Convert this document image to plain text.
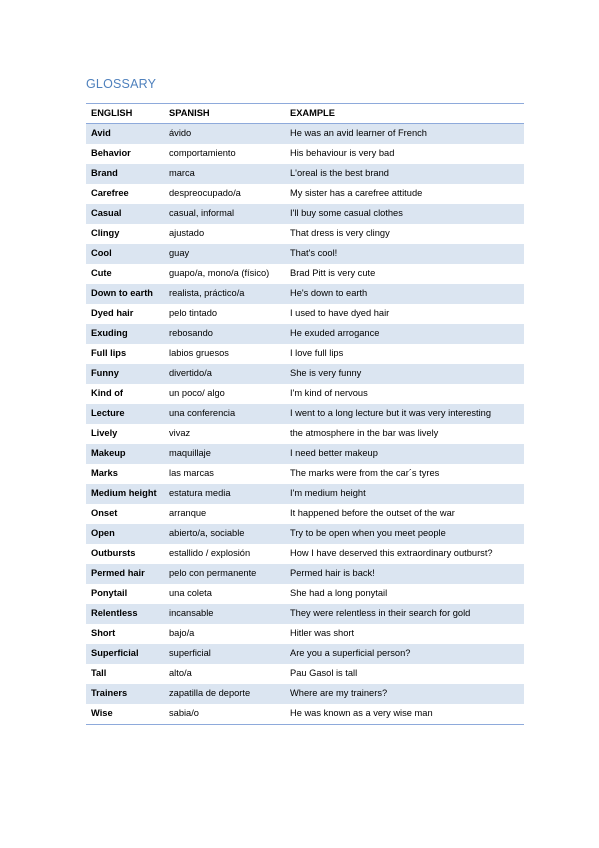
GLOSSARY
ENGLISH	SPANISH	EXAMPLE
Avid	ávido	He was an avid learner of French
Behavior	comportamiento	His behaviour is very bad
Brand	marca	L'oreal is the best brand
Carefree	despreocupado/a	My sister has a carefree attitude
Casual	casual, informal	I'll buy some casual clothes
Clingy	ajustado	That dress is very clingy
Cool	guay	That's cool!
Cute	guapo/a, mono/a (físico)	Brad Pitt is very cute
Down to earth	realista, práctico/a	He's down to earth
Dyed hair	pelo tintado	I used to have dyed hair
Exuding	rebosando	He exuded arrogance
Full lips	labios gruesos	I love full lips
Funny	divertido/a	She is very funny
Kind of	un poco/ algo	I'm kind of nervous
Lecture	una conferencia	I went to a long lecture but it was very interesting
Lively	vivaz	the atmosphere in the bar was lively
Makeup	maquillaje	I need better makeup
Marks	las marcas	The marks were from the car´s tyres
Medium height	estatura media	I'm medium height
Onset	arranque	It happened before the outset of the war
Open	abierto/a, sociable	Try to be open when you meet people
Outbursts	estallido / explosión	How I have deserved this extraordinary outburst?
Permed hair	pelo con permanente	Permed hair is back!
Ponytail	una coleta	She had a long ponytail
Relentless	incansable	They were relentless in their search for gold
Short	bajo/a	Hitler was short
Superficial	superficial	Are you a superficial person?
Tall	alto/a	Pau Gasol is tall
Trainers	zapatilla de deporte	Where are my trainers?
Wise	sabia/o	He was known as a very wise man
